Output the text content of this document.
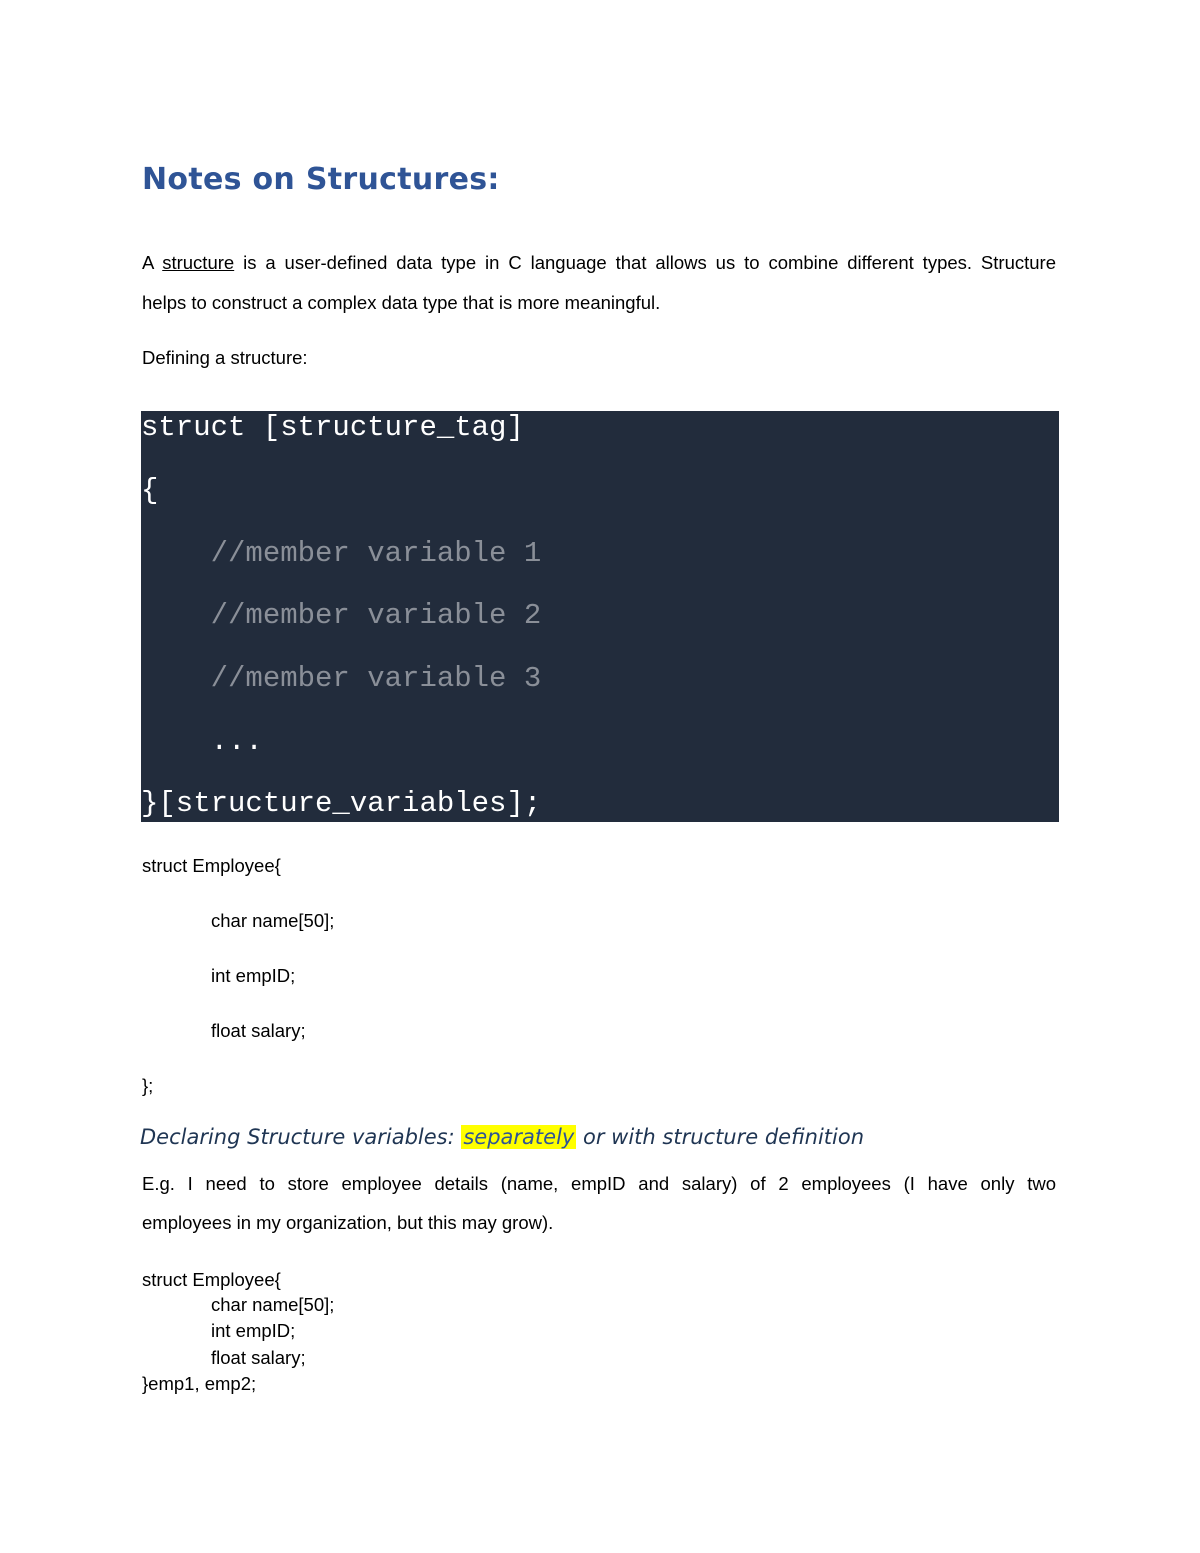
Notes on Structures:
A structure is a user-defined data type in C language that allows us to combine different types. Structure
helps to construct a complex data type that is more meaningful.
Defining a structure:
struct [structure_tag]
{
//member variable 1
//member variable 2
//member variable 3
...
}[structure_variables];
struct Employee{
char name[50];
int empID;
float salary;
};
Declaring Structure variables: separately or with structure definition
E.g. I need to store employee details (name, empID and salary) of 2 employees (I have only two
employees in my organization, but this may grow).
struct Employee{
char name[50];
int empID;
float salary;
}emp1, emp2;
